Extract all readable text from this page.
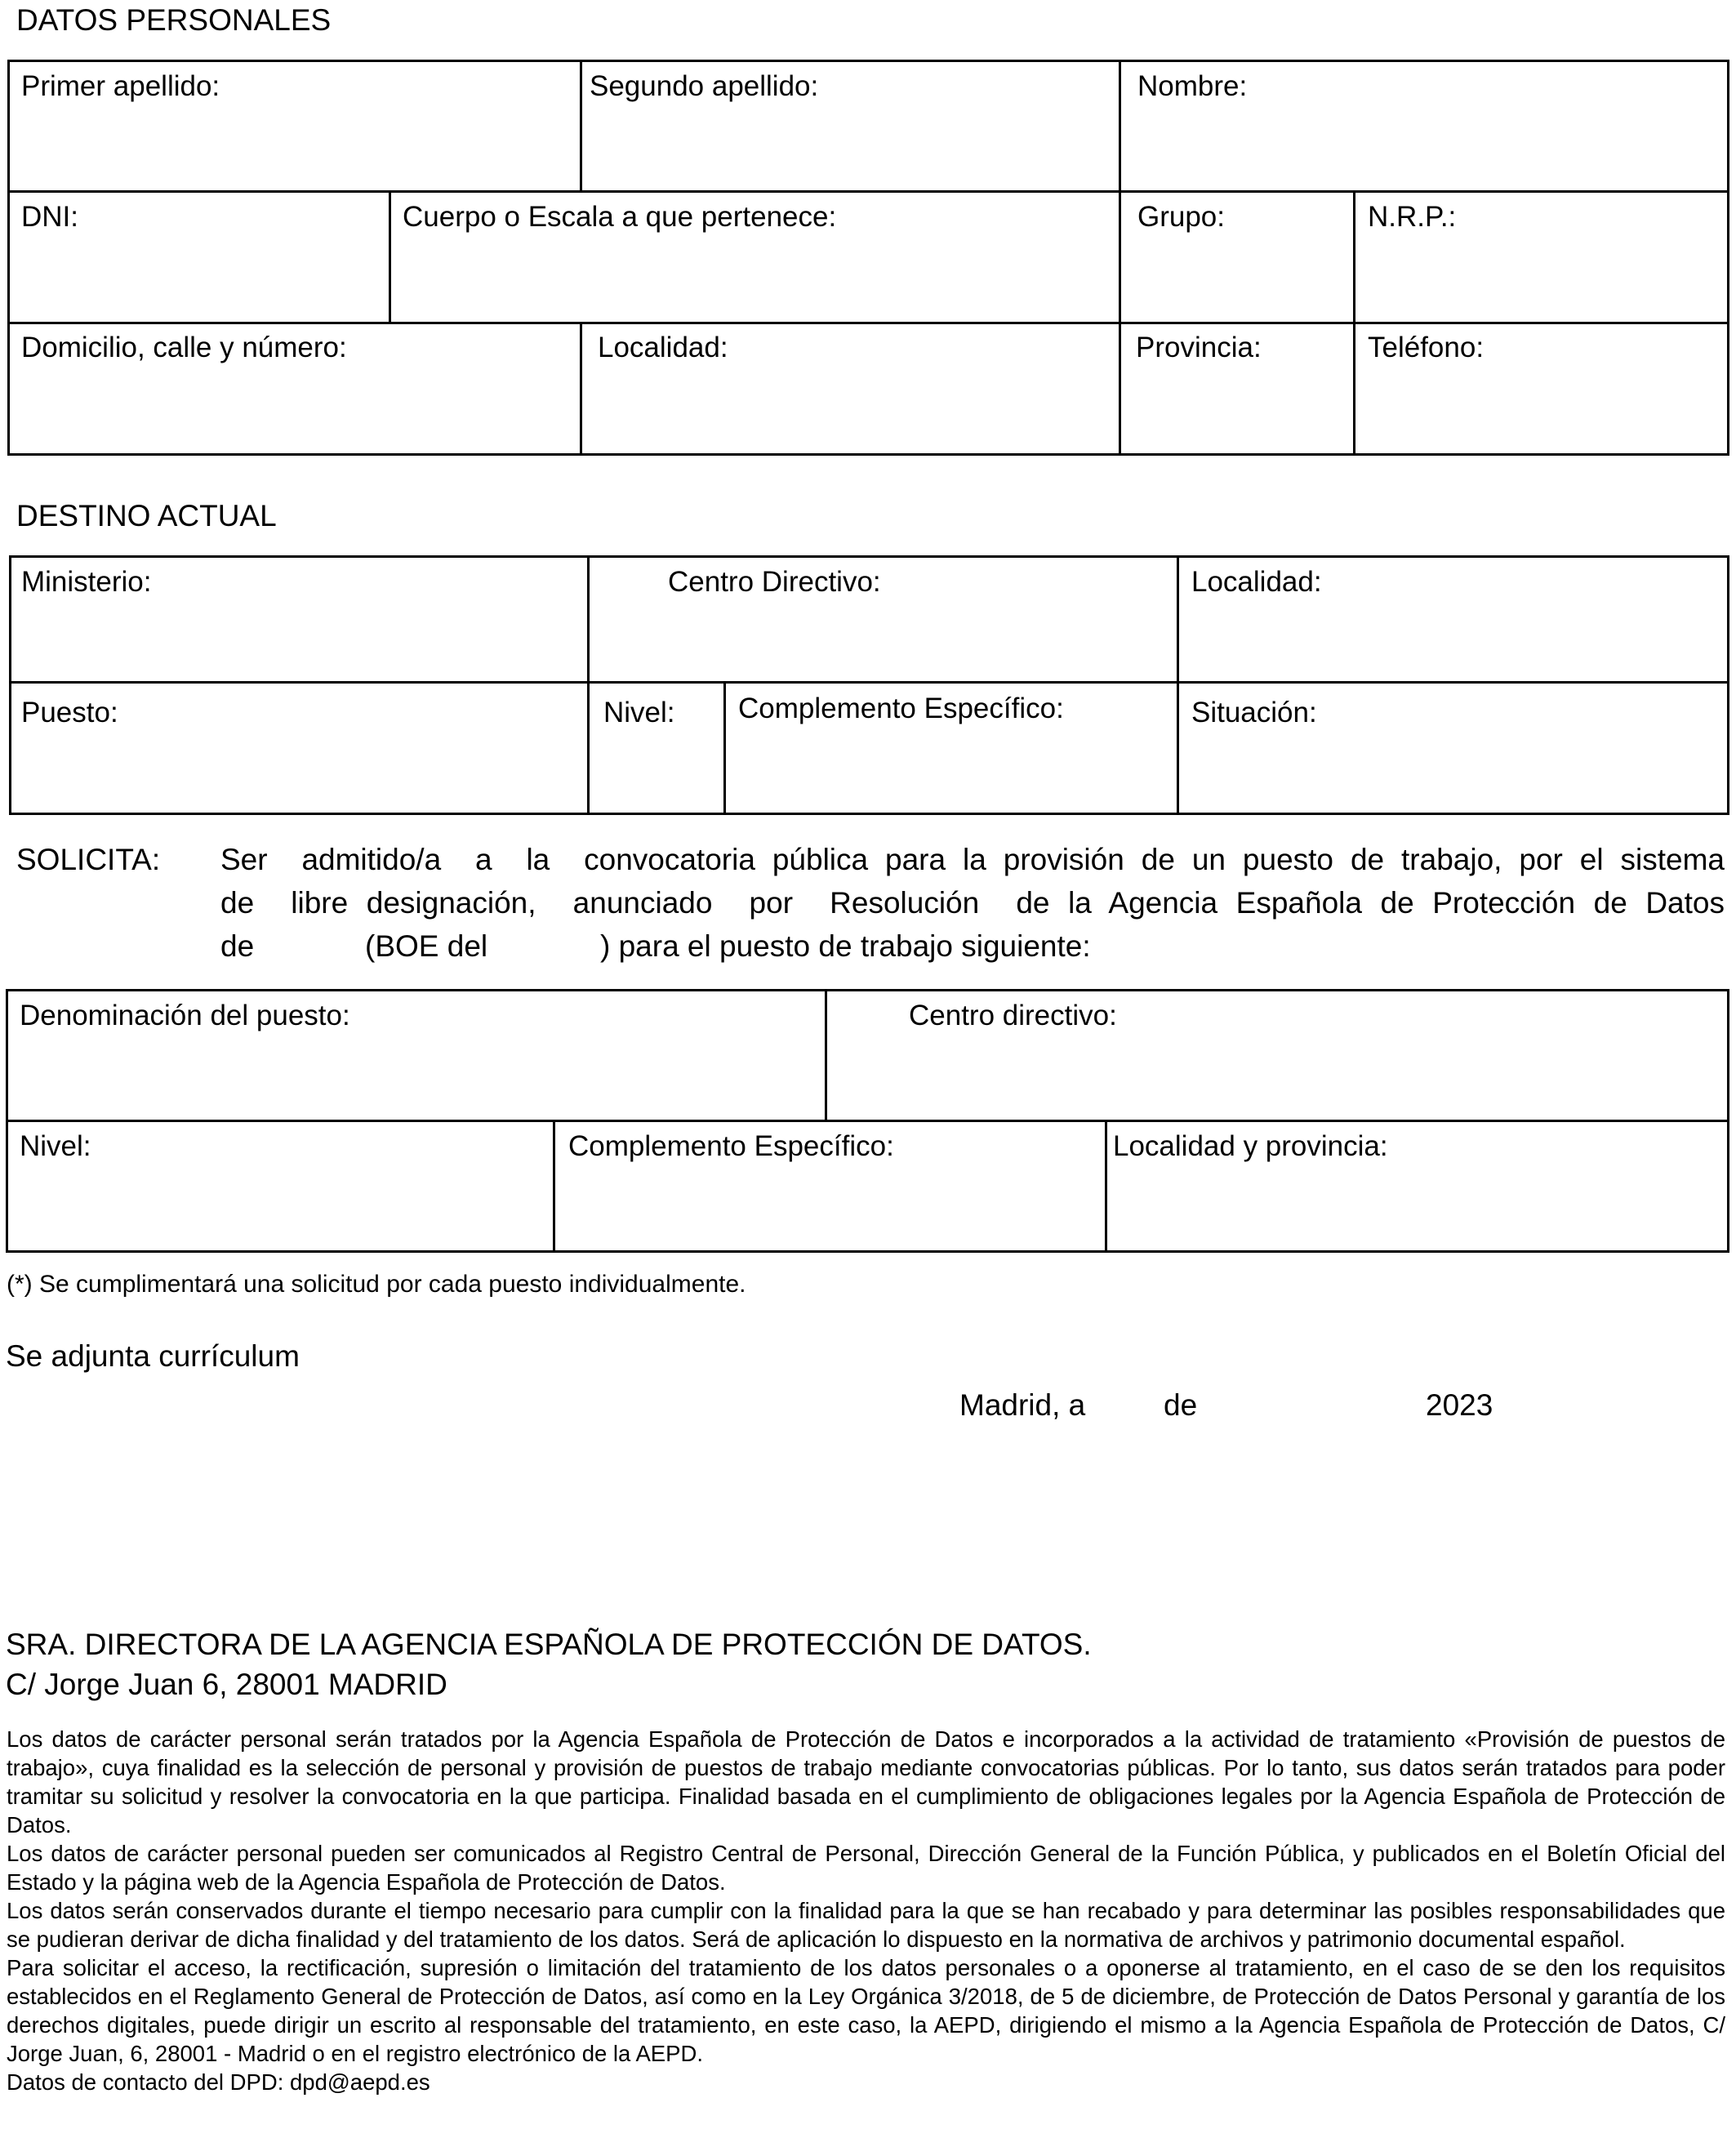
DATOS PERSONALES
Primer apellido:	Segundo apellido:	Nombre:
DNI:	Cuerpo o Escala a que pertenece:	Grupo:	N.R.P.:
Domicilio, calle y número:	Localidad:	Provincia:	Teléfono:
DESTINO ACTUAL
Ministerio:	Centro Directivo:	Localidad:
Puesto:	Nivel: Complemento Específico:	Situación:
SOLICITA: Ser  admitido/a  a  la  convocatoria pública para la provisión de un puesto de trabajo, por el sistema
de  libre designación,  anunciado  por  Resolución  de la Agencia Española de Protección de Datos
de	(BOE del	) para el puesto de trabajo siguiente:
Denominación del puesto:	Centro directivo:
Nivel:	Complemento Específico:	Localidad y provincia:
(*) Se cumplimentará una solicitud por cada puesto individualmente.
Se adjunta currículum
Madrid, a	de	2023
SRA. DIRECTORA DE LA AGENCIA ESPAÑOLA DE PROTECCIÓN DE DATOS.
C/ Jorge Juan 6, 28001 MADRID

Los datos de carácter personal serán tratados por la Agencia Española de Protección de Datos e incorporados a la actividad de tratamiento «Provisión de puestos de trabajo», cuya finalidad es la selección de personal y provisión de puestos de trabajo mediante convocatorias públicas. Por lo tanto, sus datos serán tratados para poder tramitar su solicitud y resolver la convocatoria en la que participa. Finalidad basada en el cumplimiento de obligaciones legales por la Agencia Española de Protección de Datos.

Los datos de carácter personal pueden ser comunicados al Registro Central de Personal, Dirección General de la Función Pública, y publicados en el Boletín Oficial del Estado y la página web de la Agencia Española de Protección de Datos.

Los datos serán conservados durante el tiempo necesario para cumplir con la finalidad para la que se han recabado y para determinar las posibles responsabilidades que se pudieran derivar de dicha finalidad y del tratamiento de los datos. Será de aplicación lo dispuesto en la normativa de archivos y patrimonio documental español.

Para solicitar el acceso, la rectificación, supresión o limitación del tratamiento de los datos personales o a oponerse al tratamiento, en el caso de se den los requisitos establecidos en el Reglamento General de Protección de Datos, así como en la Ley Orgánica 3/2018, de 5 de diciembre, de Protección de Datos Personal y garantía de los derechos digitales, puede dirigir un escrito al responsable del tratamiento, en este caso, la AEPD, dirigiendo el mismo a la Agencia Española de Protección de Datos, C/ Jorge Juan, 6, 28001 - Madrid o en el registro electrónico de la AEPD.

Datos de contacto del DPD: dpd@aepd.es
